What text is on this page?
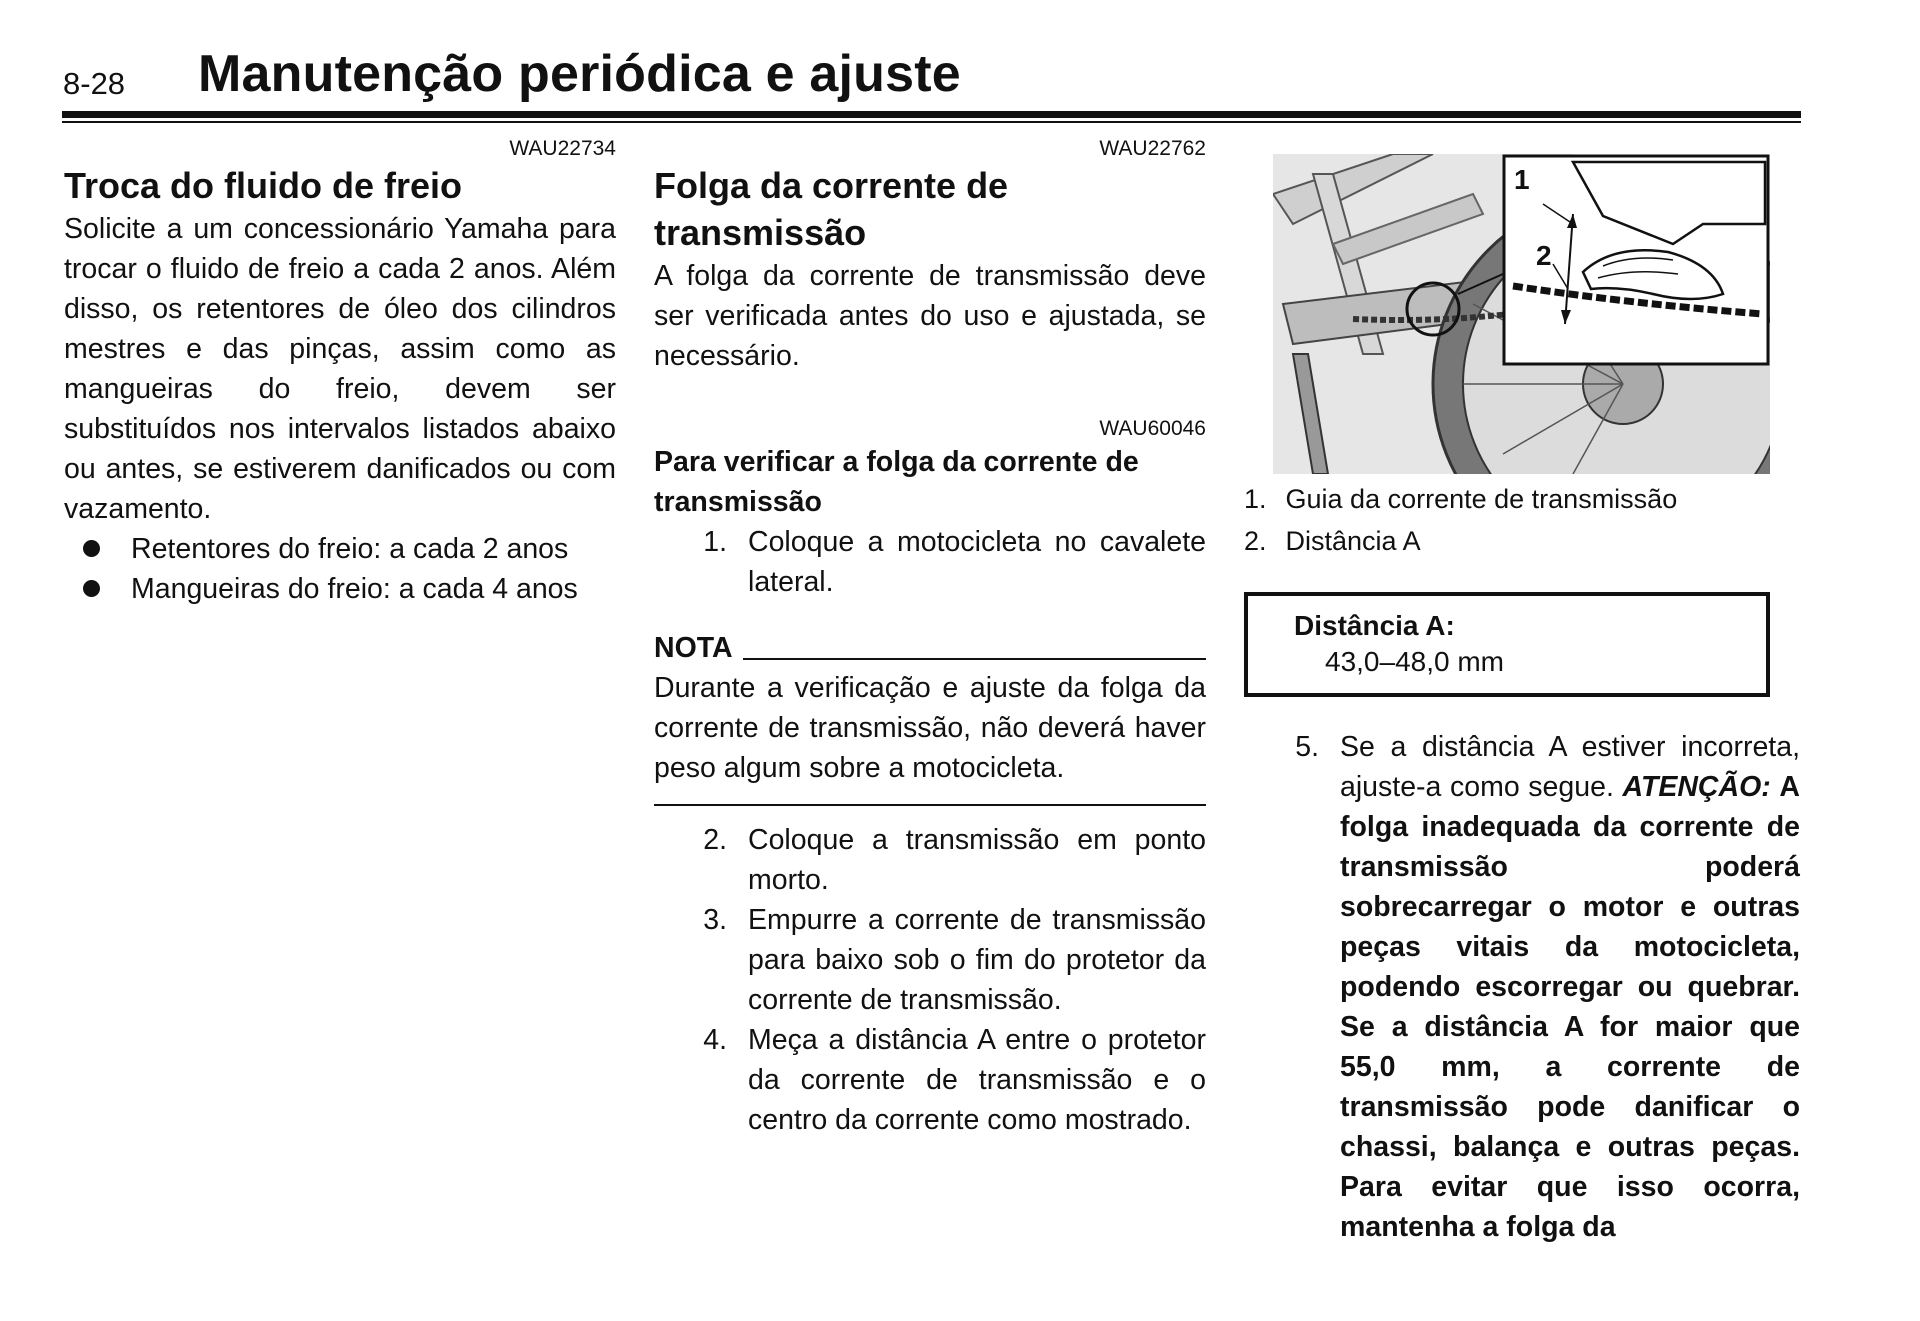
8-28 Manutenção periódica e ajuste
WAU22734
Troca do fluido de freio

Solicite a um concessionário Yamaha para trocar o fluido de freio a cada 2 anos. Além disso, os retentores de óleo dos cilindros mestres e das pinças, assim como as mangueiras do freio, devem ser substituídos nos intervalos listados abaixo ou antes, se estiverem danificados ou com vazamento.

Retentores do freio: a cada 2 anos
Mangueiras do freio: a cada 4 anos
WAU22762
Folga da corrente de transmissão

A folga da corrente de transmissão deve ser verificada antes do uso e ajustada, se necessário.

WAU60046
Para verificar a folga da corrente de transmissão
1. Coloque a motocicleta no cavalete lateral.
NOTA

Durante a verificação e ajuste da folga da corrente de transmissão, não deverá haver peso algum sobre a motocicleta.

2. Coloque a transmissão em ponto morto.
3. Empurre a corrente de transmissão para baixo sob o fim do protetor da corrente de transmissão.
4. Meça a distância A entre o protetor da corrente de transmissão e o centro da corrente como mostrado.
1
2
1. Guia da corrente de transmissão
2. Distância A
Distância A:
43,0–48,0 mm
5. Se a distância A estiver incorreta, ajuste-a como segue. ATENÇÃO: A folga inadequada da corrente de transmissão poderá sobrecarregar o motor e outras peças vitais da motocicleta, podendo escorregar ou quebrar. Se a distância A for maior que 55,0 mm, a corrente de transmissão pode danificar o chassi, balança e outras peças. Para evitar que isso ocorra, mantenha a folga da
